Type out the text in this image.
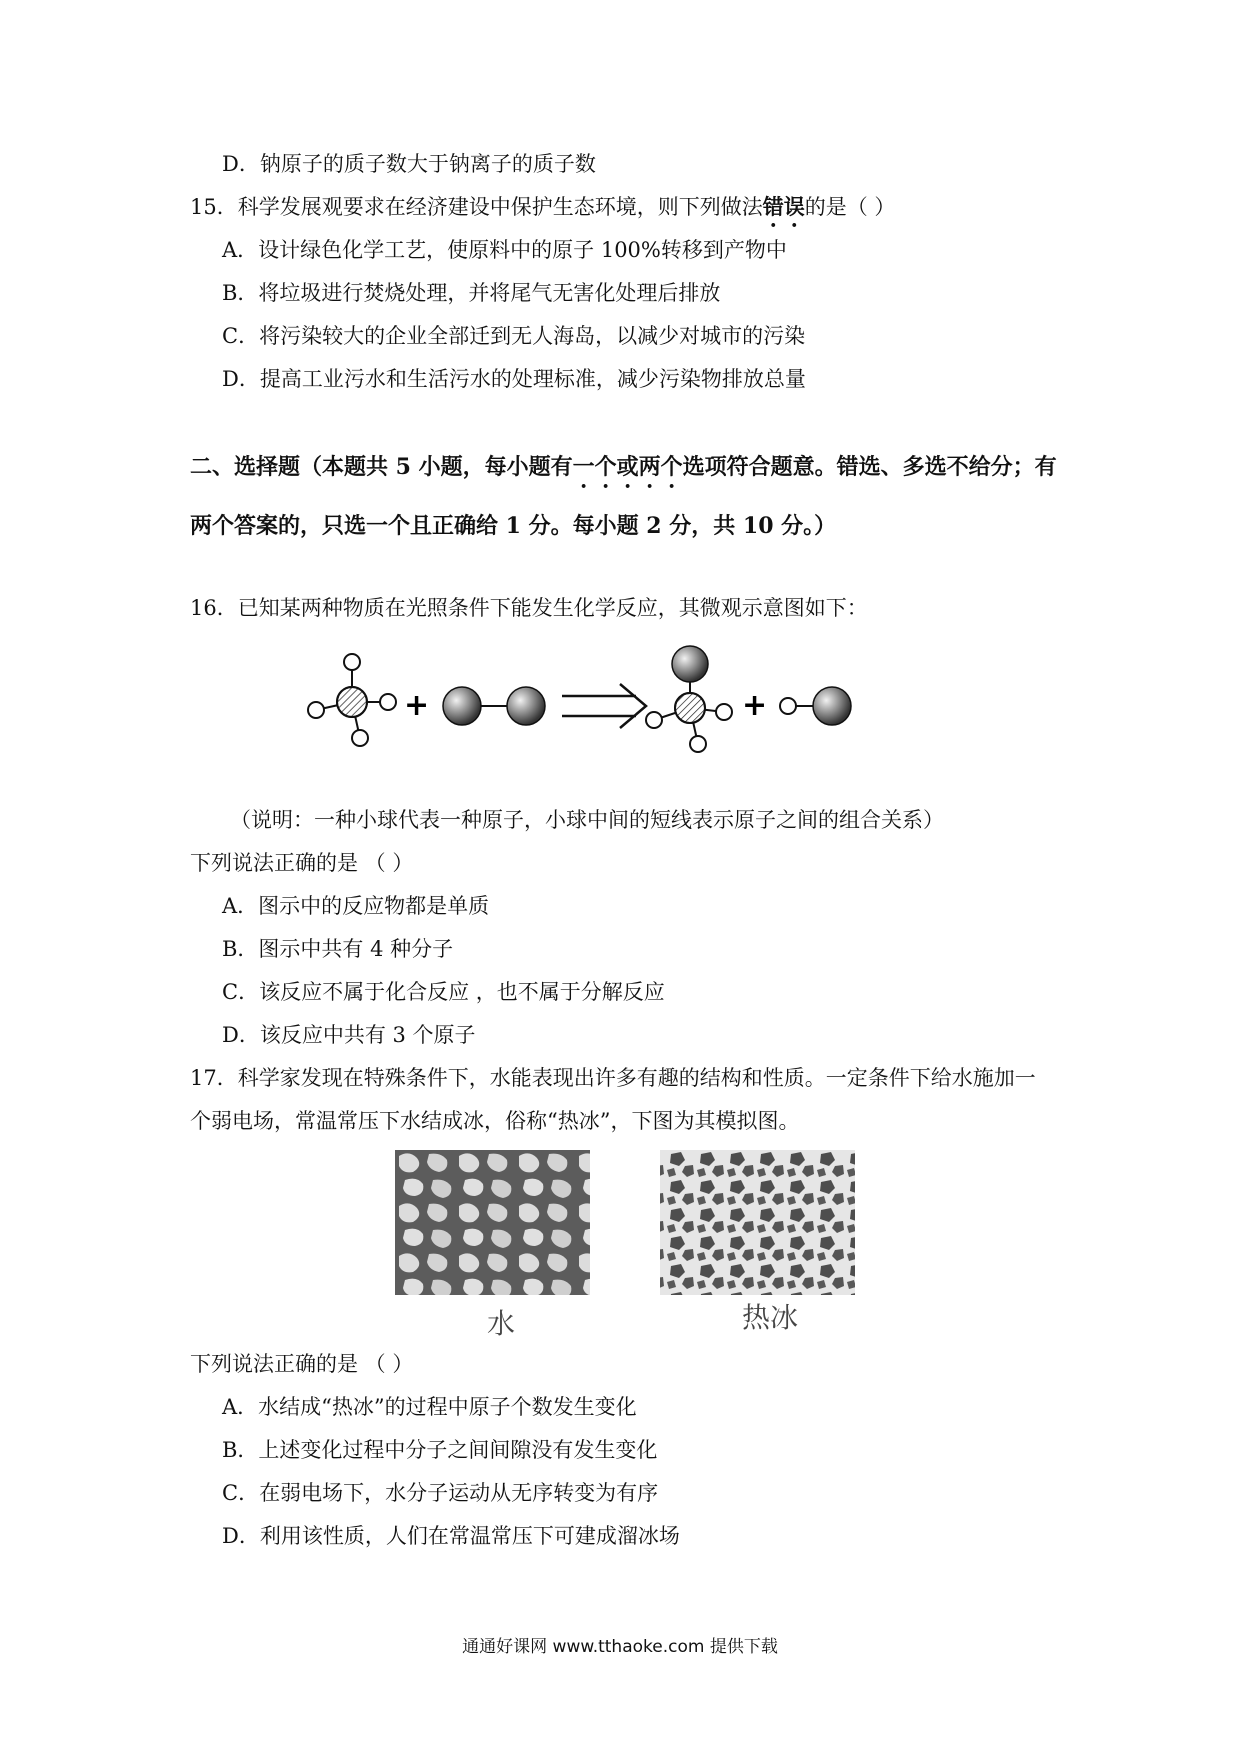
D．钠原子的质子数大于钠离子的质子数
15．科学发展观要求在经济建设中保护生态环境，则下列做法错误的是（ ）
A．设计绿色化学工艺，使原料中的原子 100%转移到产物中
B．将垃圾进行焚烧处理，并将尾气无害化处理后排放
C．将污染较大的企业全部迁到无人海岛，以减少对城市的污染
D．提高工业污水和生活污水的处理标准，减少污染物排放总量
二、选择题（本题共 5 小题，每小题有一个或两个选项符合题意。错选、多选不给分；有
两个答案的，只选一个且正确给 1 分。每小题 2 分，共 10 分。）
16．已知某两种物质在光照条件下能发生化学反应，其微观示意图如下：
+	+
（说明：一种小球代表一种原子，小球中间的短线表示原子之间的组合关系）
下列说法正确的是 （ ）
A．图示中的反应物都是单质
B．图示中共有 4 种分子
C．该反应不属于化合反应 ，也不属于分解反应
D．该反应中共有 3 个原子
17．科学家发现在特殊条件下，水能表现出许多有趣的结构和性质。一定条件下给水施加一
个弱电场，常温常压下水结成冰，俗称“热冰”，下图为其模拟图。
水	热冰
下列说法正确的是 （ ）
A．水结成“热冰”的过程中原子个数发生变化
B．上述变化过程中分子之间间隙没有发生变化
C．在弱电场下，水分子运动从无序转变为有序
D．利用该性质，人们在常温常压下可建成溜冰场
通通好课网 www.tthaoke.com 提供下载
